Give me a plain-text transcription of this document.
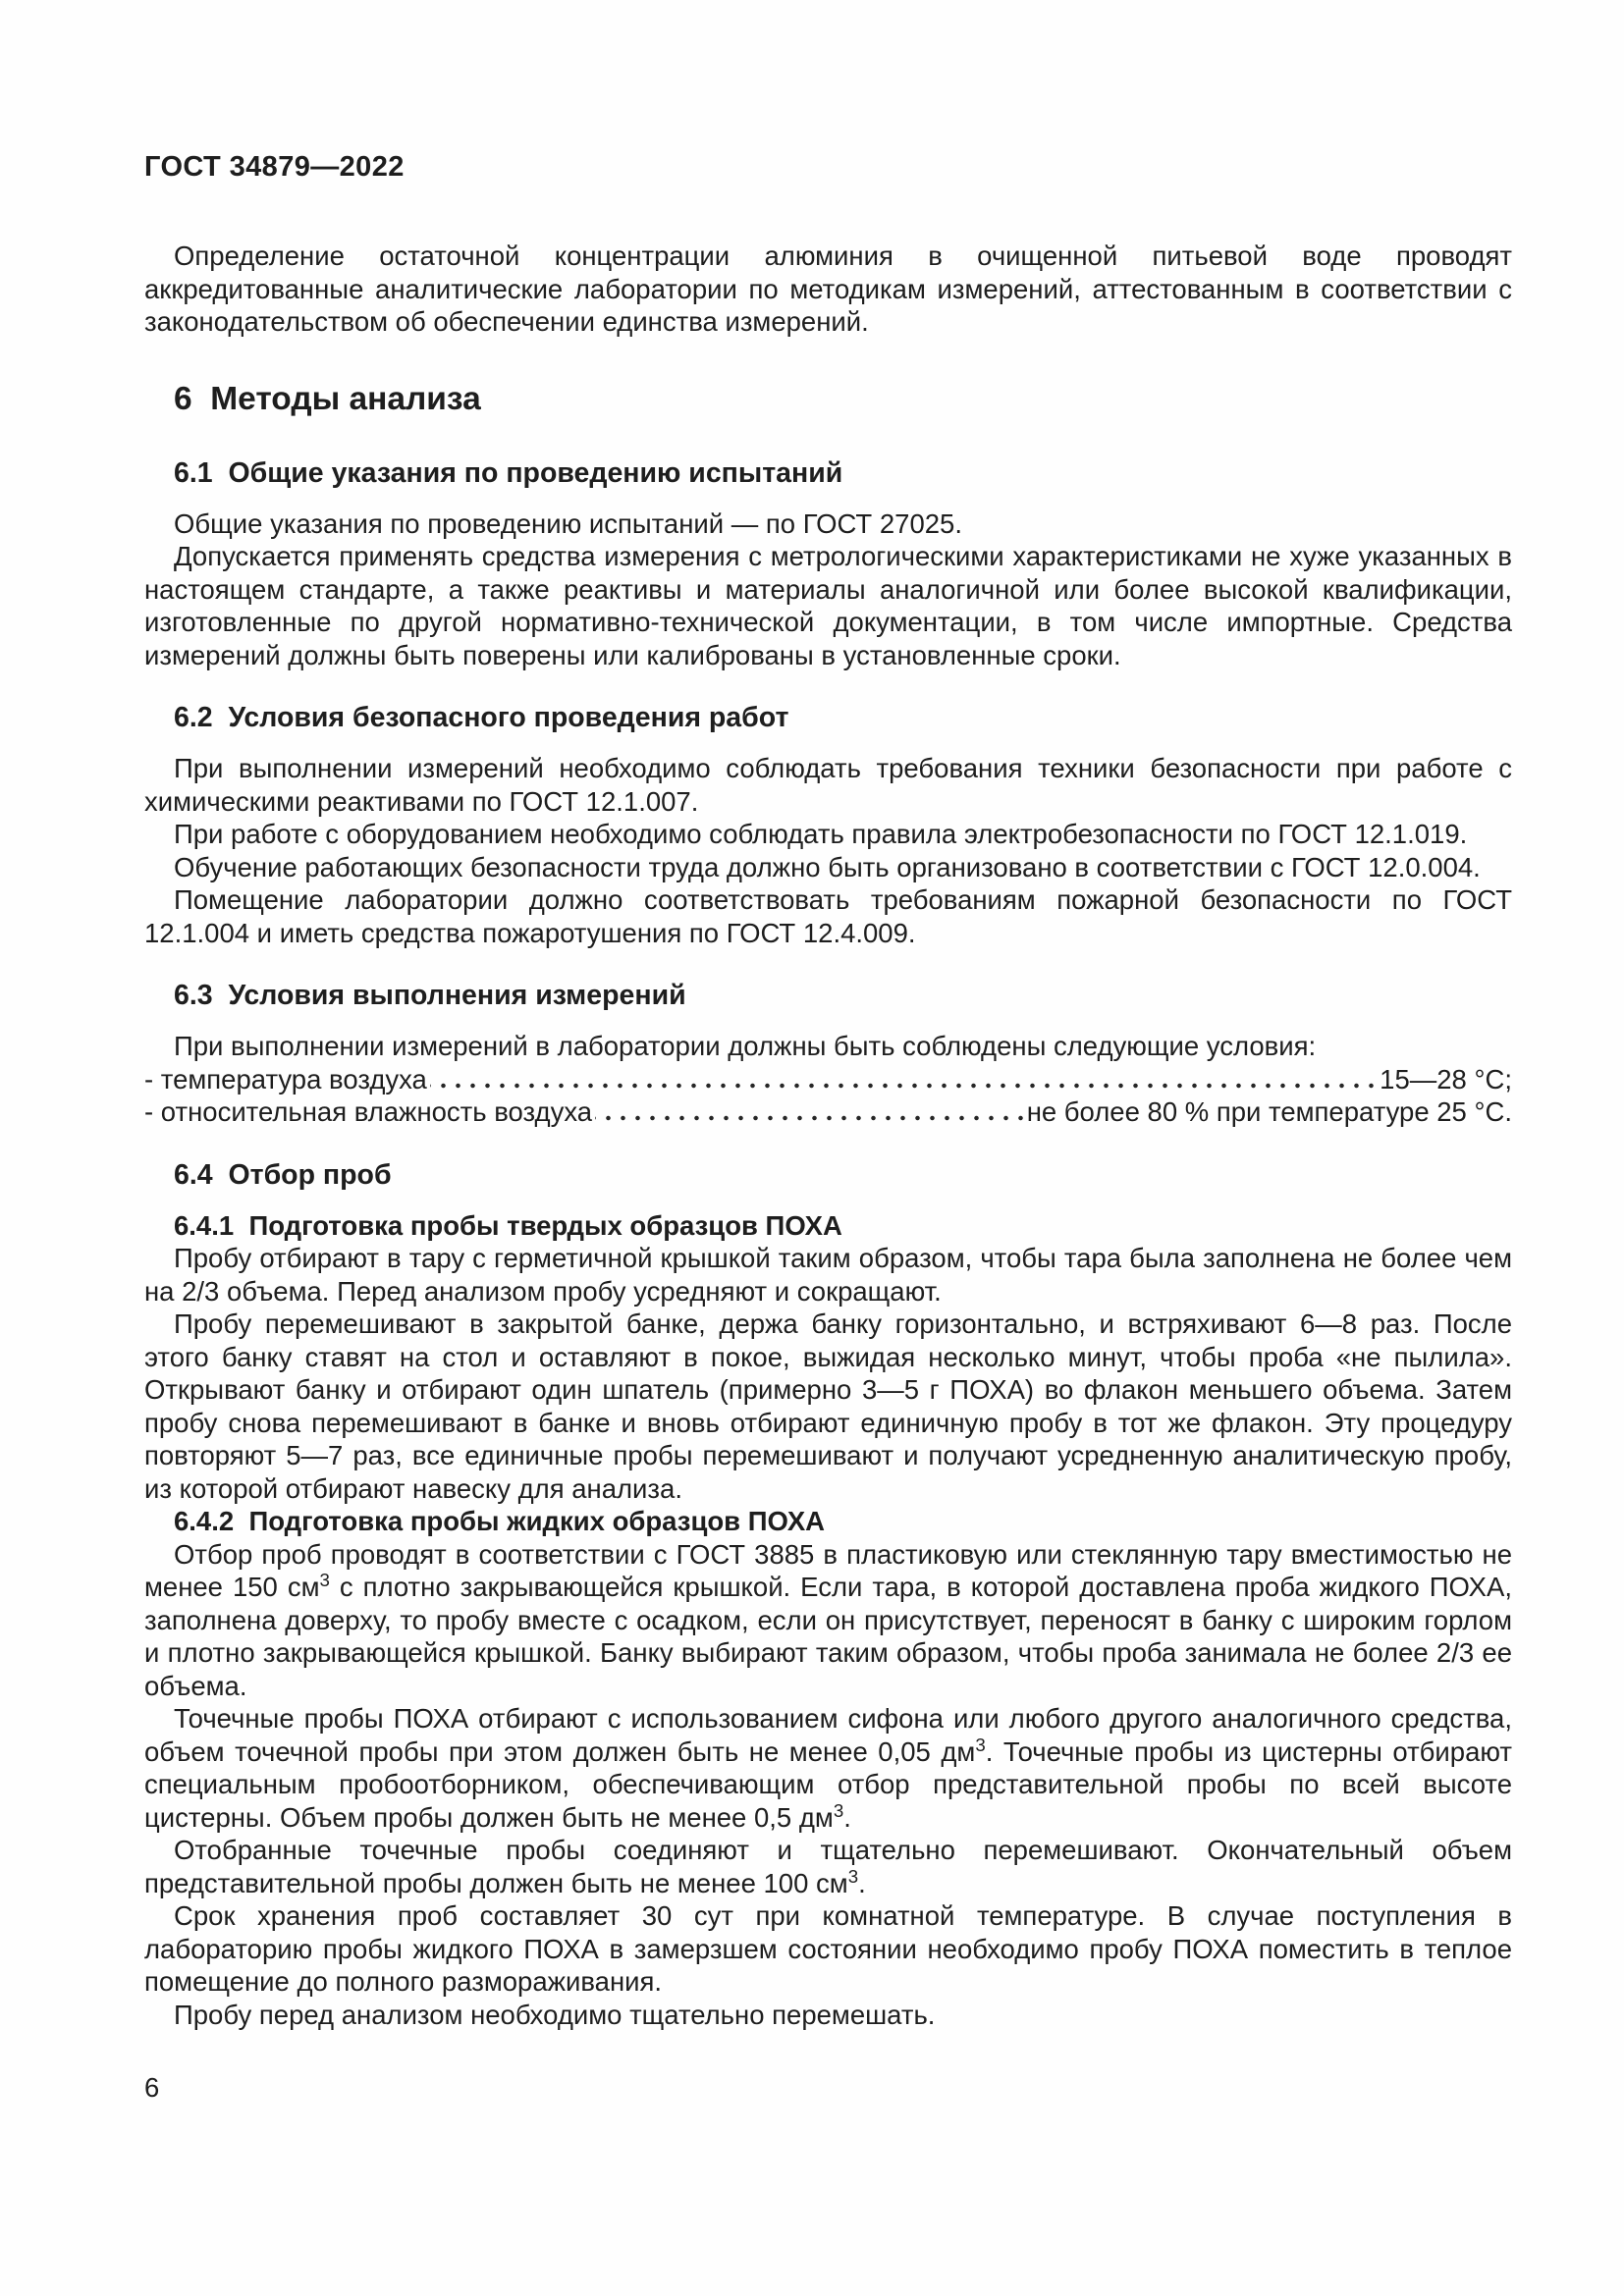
ГОСТ 34879—2022

Определение остаточной концентрации алюминия в очищенной питьевой воде проводят аккредитованные аналитические лаборатории по методикам измерений, аттестованным в соответствии с законодательством об обеспечении единства измерений.

6  Методы анализа
6.1  Общие указания по проведению испытаний

Общие указания по проведению испытаний — по ГОСТ 27025.

Допускается применять средства измерения с метрологическими характеристиками не хуже указанных в настоящем стандарте, а также реактивы и материалы аналогичной или более высокой квалификации, изготовленные по другой нормативно-технической документации, в том числе импортные. Средства измерений должны быть поверены или калиброваны в установленные сроки.

6.2  Условия безопасного проведения работ

При выполнении измерений необходимо соблюдать требования техники безопасности при работе с химическими реактивами по ГОСТ 12.1.007.

При работе с оборудованием необходимо соблюдать правила электробезопасности по ГОСТ 12.1.019.

Обучение работающих безопасности труда должно быть организовано в соответствии с ГОСТ 12.0.004.

Помещение лаборатории должно соответствовать требованиям пожарной безопасности по ГОСТ 12.1.004 и иметь средства пожаротушения по ГОСТ 12.4.009.

6.3  Условия выполнения измерений

При выполнении измерений в лаборатории должны быть соблюдены следующие условия:

- температура воздуха	15—28 °С;
- относительная влажность воздуха	не более 80 % при температуре 25 °С.
6.4  Отбор проб
6.4.1  Подготовка пробы твердых образцов ПОХА

Пробу отбирают в тару с герметичной крышкой таким образом, чтобы тара была заполнена не более чем на 2/3 объема. Перед анализом пробу усредняют и сокращают.

Пробу перемешивают в закрытой банке, держа банку горизонтально, и встряхивают 6—8 раз. После этого банку ставят на стол и оставляют в покое, выжидая несколько минут, чтобы проба «не пылила». Открывают банку и отбирают один шпатель (примерно 3—5 г ПОХА) во флакон меньшего объема. Затем пробу снова перемешивают в банке и вновь отбирают единичную пробу в тот же флакон. Эту процедуру повторяют 5—7 раз, все единичные пробы перемешивают и получают усредненную аналитическую пробу, из которой отбирают навеску для анализа.

6.4.2  Подготовка пробы жидких образцов ПОХА

Отбор проб проводят в соответствии с ГОСТ 3885 в пластиковую или стеклянную тару вместимостью не менее 150 $см^3$ с плотно закрывающейся крышкой. Если тара, в которой доставлена проба жидкого ПОХА, заполнена доверху, то пробу вместе с осадком, если он присутствует, переносят в банку с широким горлом и плотно закрывающейся крышкой. Банку выбирают таким образом, чтобы проба занимала не более 2/3 ее объема.

Точечные пробы ПОХА отбирают с использованием сифона или любого другого аналогичного средства, объем точечной пробы при этом должен быть не менее 0,05 $дм^3$. Точечные пробы из цистерны отбирают специальным пробоотборником, обеспечивающим отбор представительной пробы по всей высоте цистерны. Объем пробы должен быть не менее 0,5 $дм^3$.

Отобранные точечные пробы соединяют и тщательно перемешивают. Окончательный объем представительной пробы должен быть не менее 100 $см^3$.

Срок хранения проб составляет 30 сут при комнатной температуре. В случае поступления в лабораторию пробы жидкого ПОХА в замерзшем состоянии необходимо пробу ПОХА поместить в теплое помещение до полного размораживания.

Пробу перед анализом необходимо тщательно перемешать.

6
